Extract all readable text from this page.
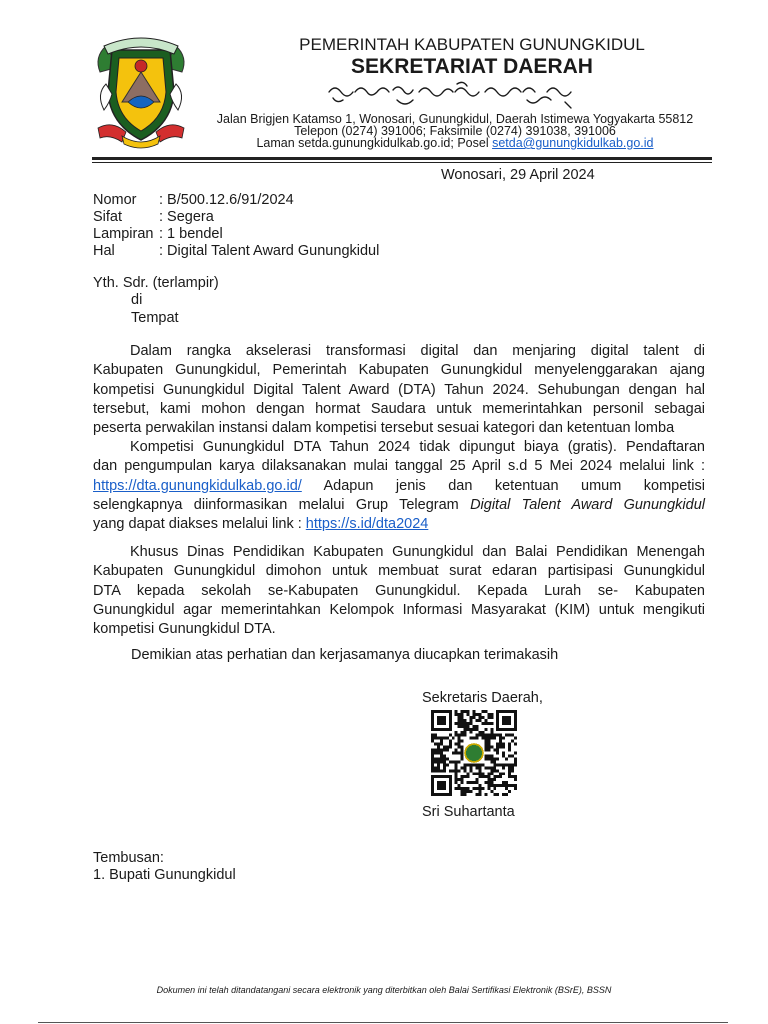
PEMERINTAH KABUPATEN GUNUNGKIDUL
SEKRETARIAT DAERAH
Jalan Brigjen Katamso 1, Wonosari, Gunungkidul, Daerah Istimewa Yogyakarta 55812
Telepon (0274) 391006; Faksimile (0274) 391038, 391006
Laman setda.gunungkidulkab.go.id; Posel setda@gunungkidulkab.go.id
Wonosari, 29 April 2024
Nomor	: B/500.12.6/91/2024
Sifat	: Segera
Lampiran : 1 bendel
Hal	: Digital Talent Award Gunungkidul
Yth. Sdr. (terlampir)
di
Tempat
Dalam rangka akselerasi transformasi digital dan menjaring digital talent di
Kabupaten Gunungkidul, Pemerintah Kabupaten Gunungkidul menyelenggarakan ajang
kompetisi Gunungkidul Digital Talent Award (DTA) Tahun 2024. Sehubungan dengan hal
tersebut, kami mohon dengan hormat Saudara untuk memerintahkan personil sebagai
peserta perwakilan instansi dalam kompetisi tersebut sesuai kategori dan ketentuan lomba
Kompetisi Gunungkidul DTA Tahun 2024 tidak dipungut biaya (gratis). Pendaftaran
dan pengumpulan karya dilaksanakan mulai tanggal 25 April s.d 5 Mei 2024 melalui link :
https://dta.gunungkidulkab.go.id/ Adapun jenis dan ketentuan umum kompetisi
selengkapnya diinformasikan melalui Grup Telegram Digital Talent Award Gunungkidul
yang dapat diakses melalui link : https://s.id/dta2024
Khusus Dinas Pendidikan Kabupaten Gunungkidul dan Balai Pendidikan Menengah
Kabupaten Gunungkidul dimohon untuk membuat surat edaran partisipasi Gunungkidul
DTA kepada sekolah se-Kabupaten Gunungkidul. Kepada Lurah se- Kabupaten
Gunungkidul agar memerintahkan Kelompok Informasi Masyarakat (KIM) untuk mengikuti
kompetisi Gunungkidul DTA.
Demikian atas perhatian dan kerjasamanya diucapkan terimakasih
Sekretaris Daerah,
Sri Suhartanta
Tembusan:
1. Bupati Gunungkidul
Dokumen ini telah ditandatangani secara elektronik yang diterbitkan oleh Balai Sertifikasi Elektronik (BSrE), BSSN
